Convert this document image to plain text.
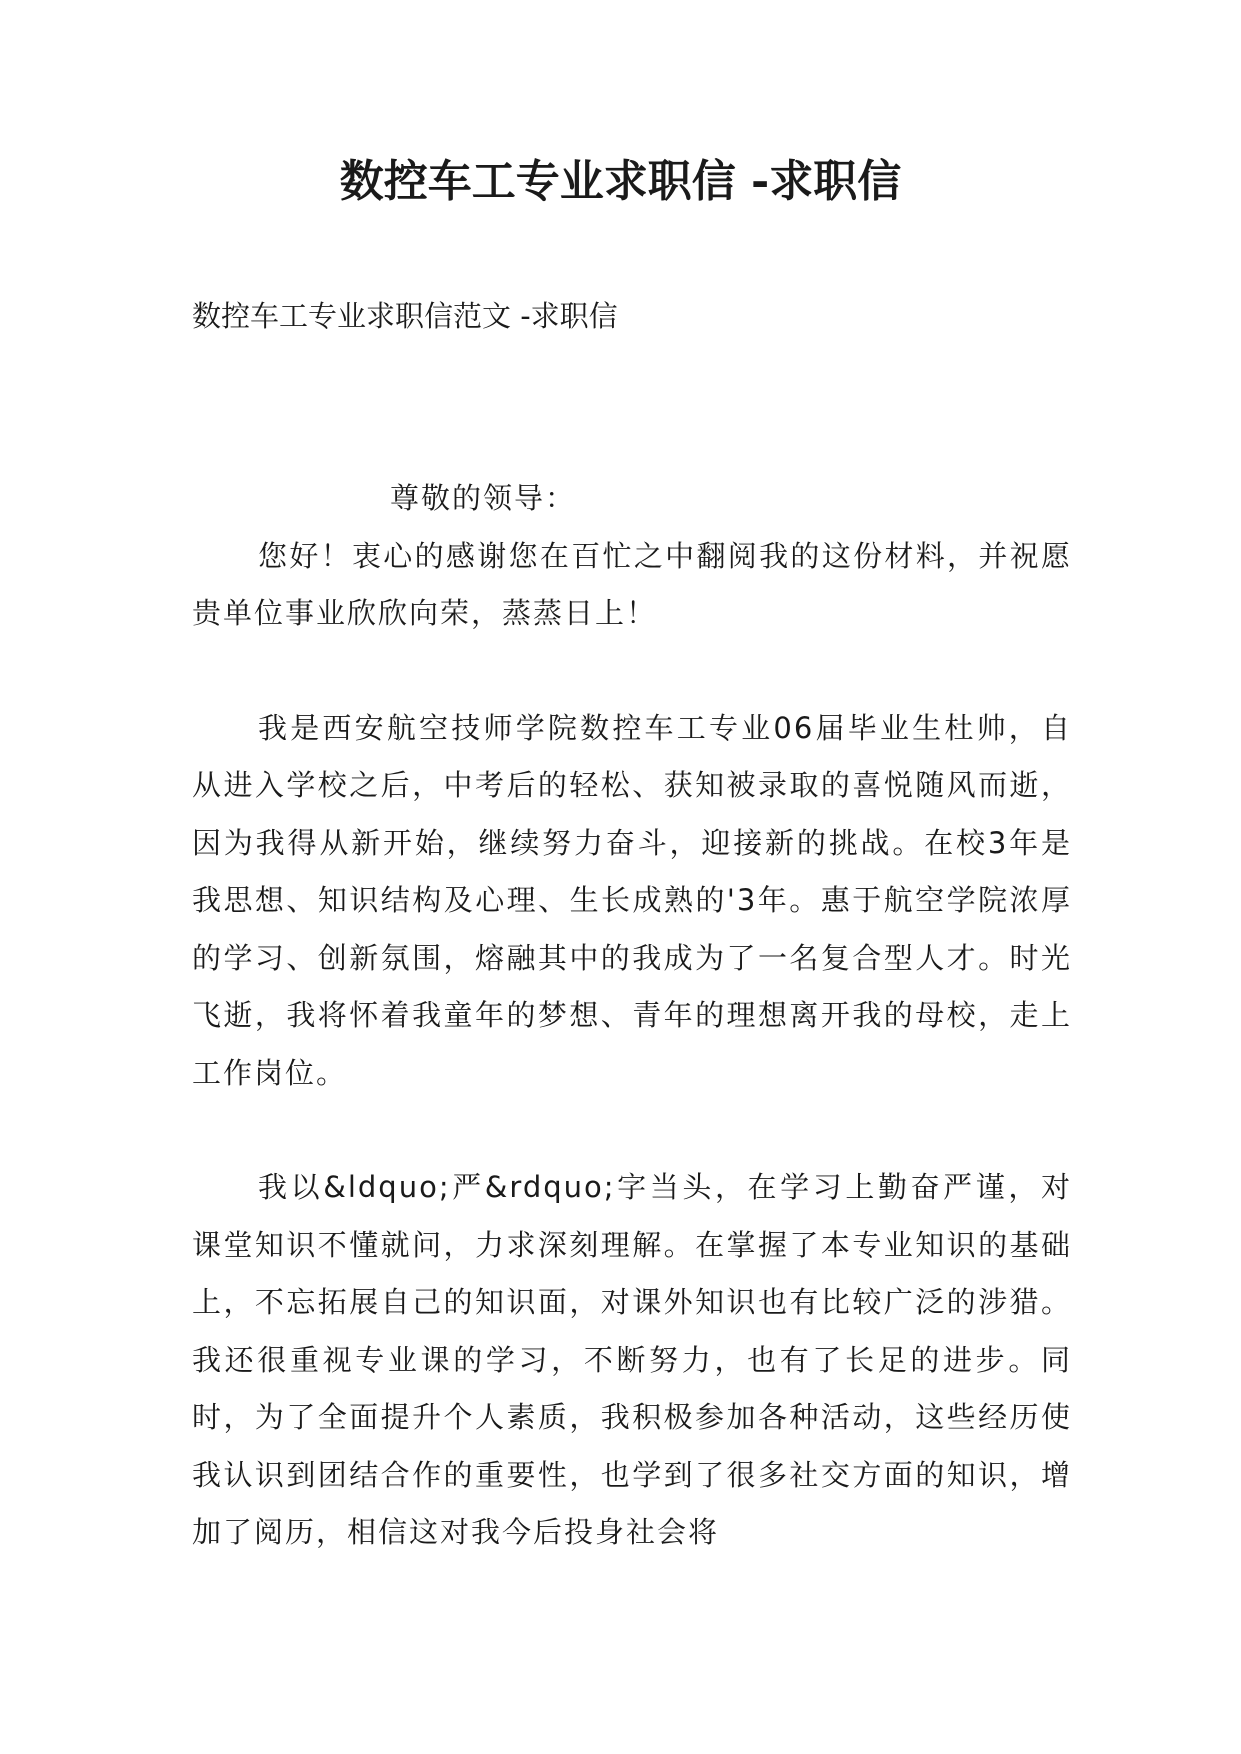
数控车工专业求职信 -求职信

数控车工专业求职信范文 -求职信

尊敬的领导：

您好！衷心的感谢您在百忙之中翻阅我的这份材料，并祝愿贵单位事业欣欣向荣，蒸蒸日上！

我是西安航空技师学院数控车工专业06届毕业生杜帅，自从进入学校之后，中考后的轻松、获知被录取的喜悦随风而逝，因为我得从新开始，继续努力奋斗，迎接新的挑战。在校3年是我思想、知识结构及心理、生长成熟的'3年。惠于航空学院浓厚的学习、创新氛围，熔融其中的我成为了一名复合型人才。时光飞逝，我将怀着我童年的梦想、青年的理想离开我的母校，走上工作岗位。

我以&ldquo;严&rdquo;字当头，在学习上勤奋严谨，对课堂知识不懂就问，力求深刻理解。在掌握了本专业知识的基础上，不忘拓展自己的知识面，对课外知识也有比较广泛的涉猎。我还很重视专业课的学习，不断努力，也有了长足的进步。同时，为了全面提升个人素质，我积极参加各种活动，这些经历使我认识到团结合作的重要性，也学到了很多社交方面的知识，增加了阅历，相信这对我今后投身社会将
